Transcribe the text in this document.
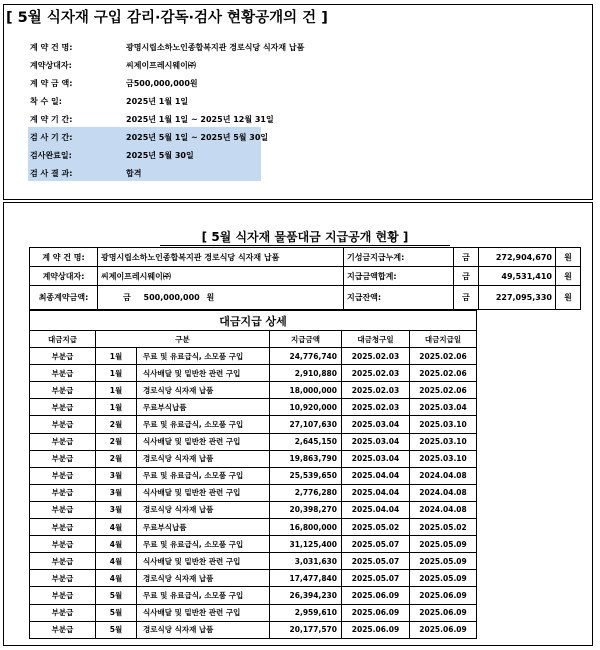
[ 5월 식자재 구입 감리·감독·검사 현황공개의 건 ]
계 약 건 명:	광명시립소하노인종합복지관 경로식당 식자재 납품
계약상대자:	씨제이프레시웨이㈜
계 약 금 액:	금500,000,000원
착 수 일:	2025년 1월 1일
계 약 기 간:	2025년 1월 1일 ~ 2025년 12월 31일
검 사 기 간:	2025년 5월 1일 ~ 2025년 5월 30일
검사완료일:	2025년 5월 30일
검 사 결 과:	합격
[ 5월 식자재 물품대금 지급공개 현황 ]
계 약 건 명:	광명시립소하노인종합복지관 경로식당 식자재 납품	기성금지급누계:	금	272,904,670	원
계약상대자:	씨제이프레시웨이㈜	지급금액합계:	금	49,531,410	원
최종계약금액:	금 500,000,000 원	지급잔액:	금	227,095,330	원
대금지급 상세					
대금지급	구분		지급금액	대금청구일	대금지급일
부분급	1월	무료 및 유료급식, 소모품 구입	24,776,740	2025.02.03	2025.02.06
부분급	1월	식사배달 및 밑반찬 관련 구입	2,910,880	2025.02.03	2025.02.06
부분급	1월	경로식당 식자재 납품	18,000,000	2025.02.03	2025.02.06
부분급	1월	무료부식납품	10,920,000	2025.02.03	2025.03.04
부분급	2월	무료 및 유료급식, 소모품 구입	27,107,630	2025.03.04	2025.03.10
부분급	2월	식사배달 및 밑반찬 관련 구입	2,645,150	2025.03.04	2025.03.10
부분급	2월	경로식당 식자재 납품	19,863,790	2025.03.04	2025.03.10
부분급	3월	무료 및 유료급식, 소모품 구입	25,539,650	2025.04.04	2024.04.08
부분급	3월	식사배달 및 밑반찬 관련 구입	2,776,280	2025.04.04	2024.04.08
부분급	3월	경로식당 식자재 납품	20,398,270	2025.04.04	2024.04.08
부분급	4월	무료부식납품	16,800,000	2025.05.02	2025.05.02
부분급	4월	무료 및 유료급식, 소모품 구입	31,125,400	2025.05.07	2025.05.09
부분급	4월	식사배달 및 밑반찬 관련 구입	3,031,630	2025.05.07	2025.05.09
부분급	4월	경로식당 식자재 납품	17,477,840	2025.05.07	2025.05.09
부분급	5월	무료 및 유료급식, 소모품 구입	26,394,230	2025.06.09	2025.06.09
부분급	5월	식사배달 및 밑반찬 관련 구입	2,959,610	2025.06.09	2025.06.09
부분급	5월	경로식당 식자재 납품	20,177,570	2025.06.09	2025.06.09
